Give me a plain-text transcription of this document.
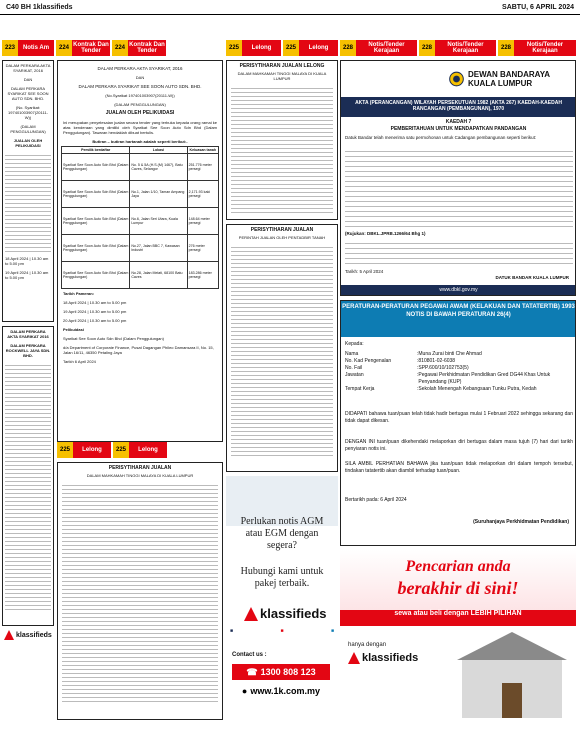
C40 BH 1klassifieds	SABTU, 6 APRIL 2024
223	Notis Am	224 Kontrak Dan Tender	224 Kontrak Dan Tender	225	Lelong	225	Lelong	228	Notis/Tender Kerajaan	228	Notis/Tender Kerajaan	228	Notis/Tender Kerajaan
DALAM PERKARA AKTA SYARIKAT, 2016
DAN
DALAM PERKARA SYARIKAT SEE SOON AUTO SDN. BHD.
(No. Syarikat: 197401003907(20111-W))
(DALAM PENGGULUNGAN)
JUALAN OLEH PELIKUIDASI
18 April 2024 | 10.30 am to 5.00 pm
19 April 2024 | 10.30 am to 5.00 pm
DALAM PERKARA AKTA SYARIKAT 2016
DALAM PERKARA ROCKWELL JAYA SDN. BHD.
klassifieds
DALAM PERKARA AKTA SYARIKAT, 2016
DAN
DALAM PERKARA SYARIKAT SEE SOON AUTO SDN. BHD.
(No.Syarikat 197401003907(20111-W))
(DALAM PENGGULUNGAN)
JUALAN OLEH PELIKUIDASI
Ini merupakan penyelesaian jualan secara tender yang terbuka kepada orang ramai ke atas kenderaan yang dimiliki oleh Syarikat See Soon Auto Sdn Bhd (Dalam Penggulungan). Tawaran hendaklah dibuat bertulis.
Butiran – butiran hartanah adalah seperti berikut:-
Pemilik berdaftar	Lokasi	Keluasan tanah
Syarikat See Soon Auto Sdn Bhd (Dalam Penggulungan)	No. 5 & 5A (H.S.(M) 1467), Batu Caves, Selangor	251.776 meter persegi
Syarikat See Soon Auto Sdn Bhd (Dalam Penggulungan)	No.1, Jalan 1/10, Taman Ampang Jaya	2,171.93 kaki persegi
Syarikat See Soon Auto Sdn Bhd (Dalam Penggulungan)	No.6, Jalan Seri Utara, Kuala Lumpur	148.64 meter persegi
Syarikat See Soon Auto Sdn Bhd (Dalam Penggulungan)	No.27, Jalan BBC 7, Kawasan Industri	276 meter persegi
Syarikat See Soon Auto Sdn Bhd (Dalam Penggulungan)	No.28, Jalan Melati, 68100 Batu Caves	183.286 meter persegi
Tarikh Pameran:
18 April 2024 | 10.30 am to 5.00 pm
19 April 2024 | 10.30 am to 5.00 pm
20 April 2024 | 10.30 am to 5.00 pm
Pelikuidasi
Syarikat See Soon Auto Sdn Bhd (Dalam Penggulungan)
d/a Department of Corporate Finance, Pusat Dagangan Phileo Damansara II, No. 15, Jalan 16/11, 46350 Petaling Jaya
Tarikh 6 April 2024
225	Lelong	225	Lelong
PERISYTIHARAN JUALAN
DALAM MAHKAMAH TINGGI MALAYA DI KUALA LUMPUR
PERISYTIHARAN JUALAN LELONG
DALAM MAHKAMAH TINGGI MALAYA DI KUALA LUMPUR
PERISYTIHARAN JUALAN
PERINTAH JUALAN OLEH PENTADBIR TANAH
Perlukan notis AGM atau EGM dengan segera?
Hubungi kami untuk pakej terbaik.
klassifieds
■	■	■
Contact us :
☎ 1300 808 123
● www.1k.com.my
DEWAN BANDARAYA KUALA LUMPUR
AKTA (PERANCANGAN) WILAYAH PERSEKUTUAN 1982 (AKTA 267) KAEDAH-KAEDAH RANCANGAN (PEMBANGUNAN), 1970
KAEDAH 7
PEMBERITAHUAN UNTUK MENDAPATKAN PANDANGAN
Datuk Bandar telah menerima satu permohonan untuk Cadangan pembangunan seperti berikut:
(Rujukan: DBKL.JPRB.1266/64 Bhg 1)
Tarikh: 5 April 2024
DATUK BANDAR KUALA LUMPUR
www.dbkl.gov.my
PERATURAN-PERATURAN PEGAWAI AWAM (KELAKUAN DAN TATATERTIB) 1993
NOTIS DI BAWAH PERATURAN 26(4)
Kepada:
Nama	: Muna Zurai binti Che Ahmad
No. Kad Pengenalan	: 810801-02-6038
No. Fail	: SPP.600/10/102753(5)
Jawatan	: Pegawai Perkhidmatan Pendidikan Gred DG44 Khas Untuk Penyandang (KUP)
Tempat Kerja	: Sekolah Menengah Kebangsaan Tunku Putra, Kedah
DIDAPATI bahawa tuan/puan telah tidak hadir bertugas mulai 1 Februari 2022 sehingga sekarang dan tidak dapat dikesan.
DENGAN INI tuan/puan dikehendaki melaporkan diri bertugas dalam masa tujuh (7) hari dari tarikh penyiaran notis ini.
SILA AMBIL PERHATIAN BAHAWA jika tuan/puan tidak melaporkan diri dalam tempoh tersebut, tindakan tatatertib akan diambil terhadap tuan/puan.
Bertarikh pada: 6 April 2024
(Suruhanjaya Perkhidmatan Pendidikan)
Pencarian anda
berakhir di sini!
sewa atau beli dengan LEBIH PILIHAN
hanya dengan
klassifieds
